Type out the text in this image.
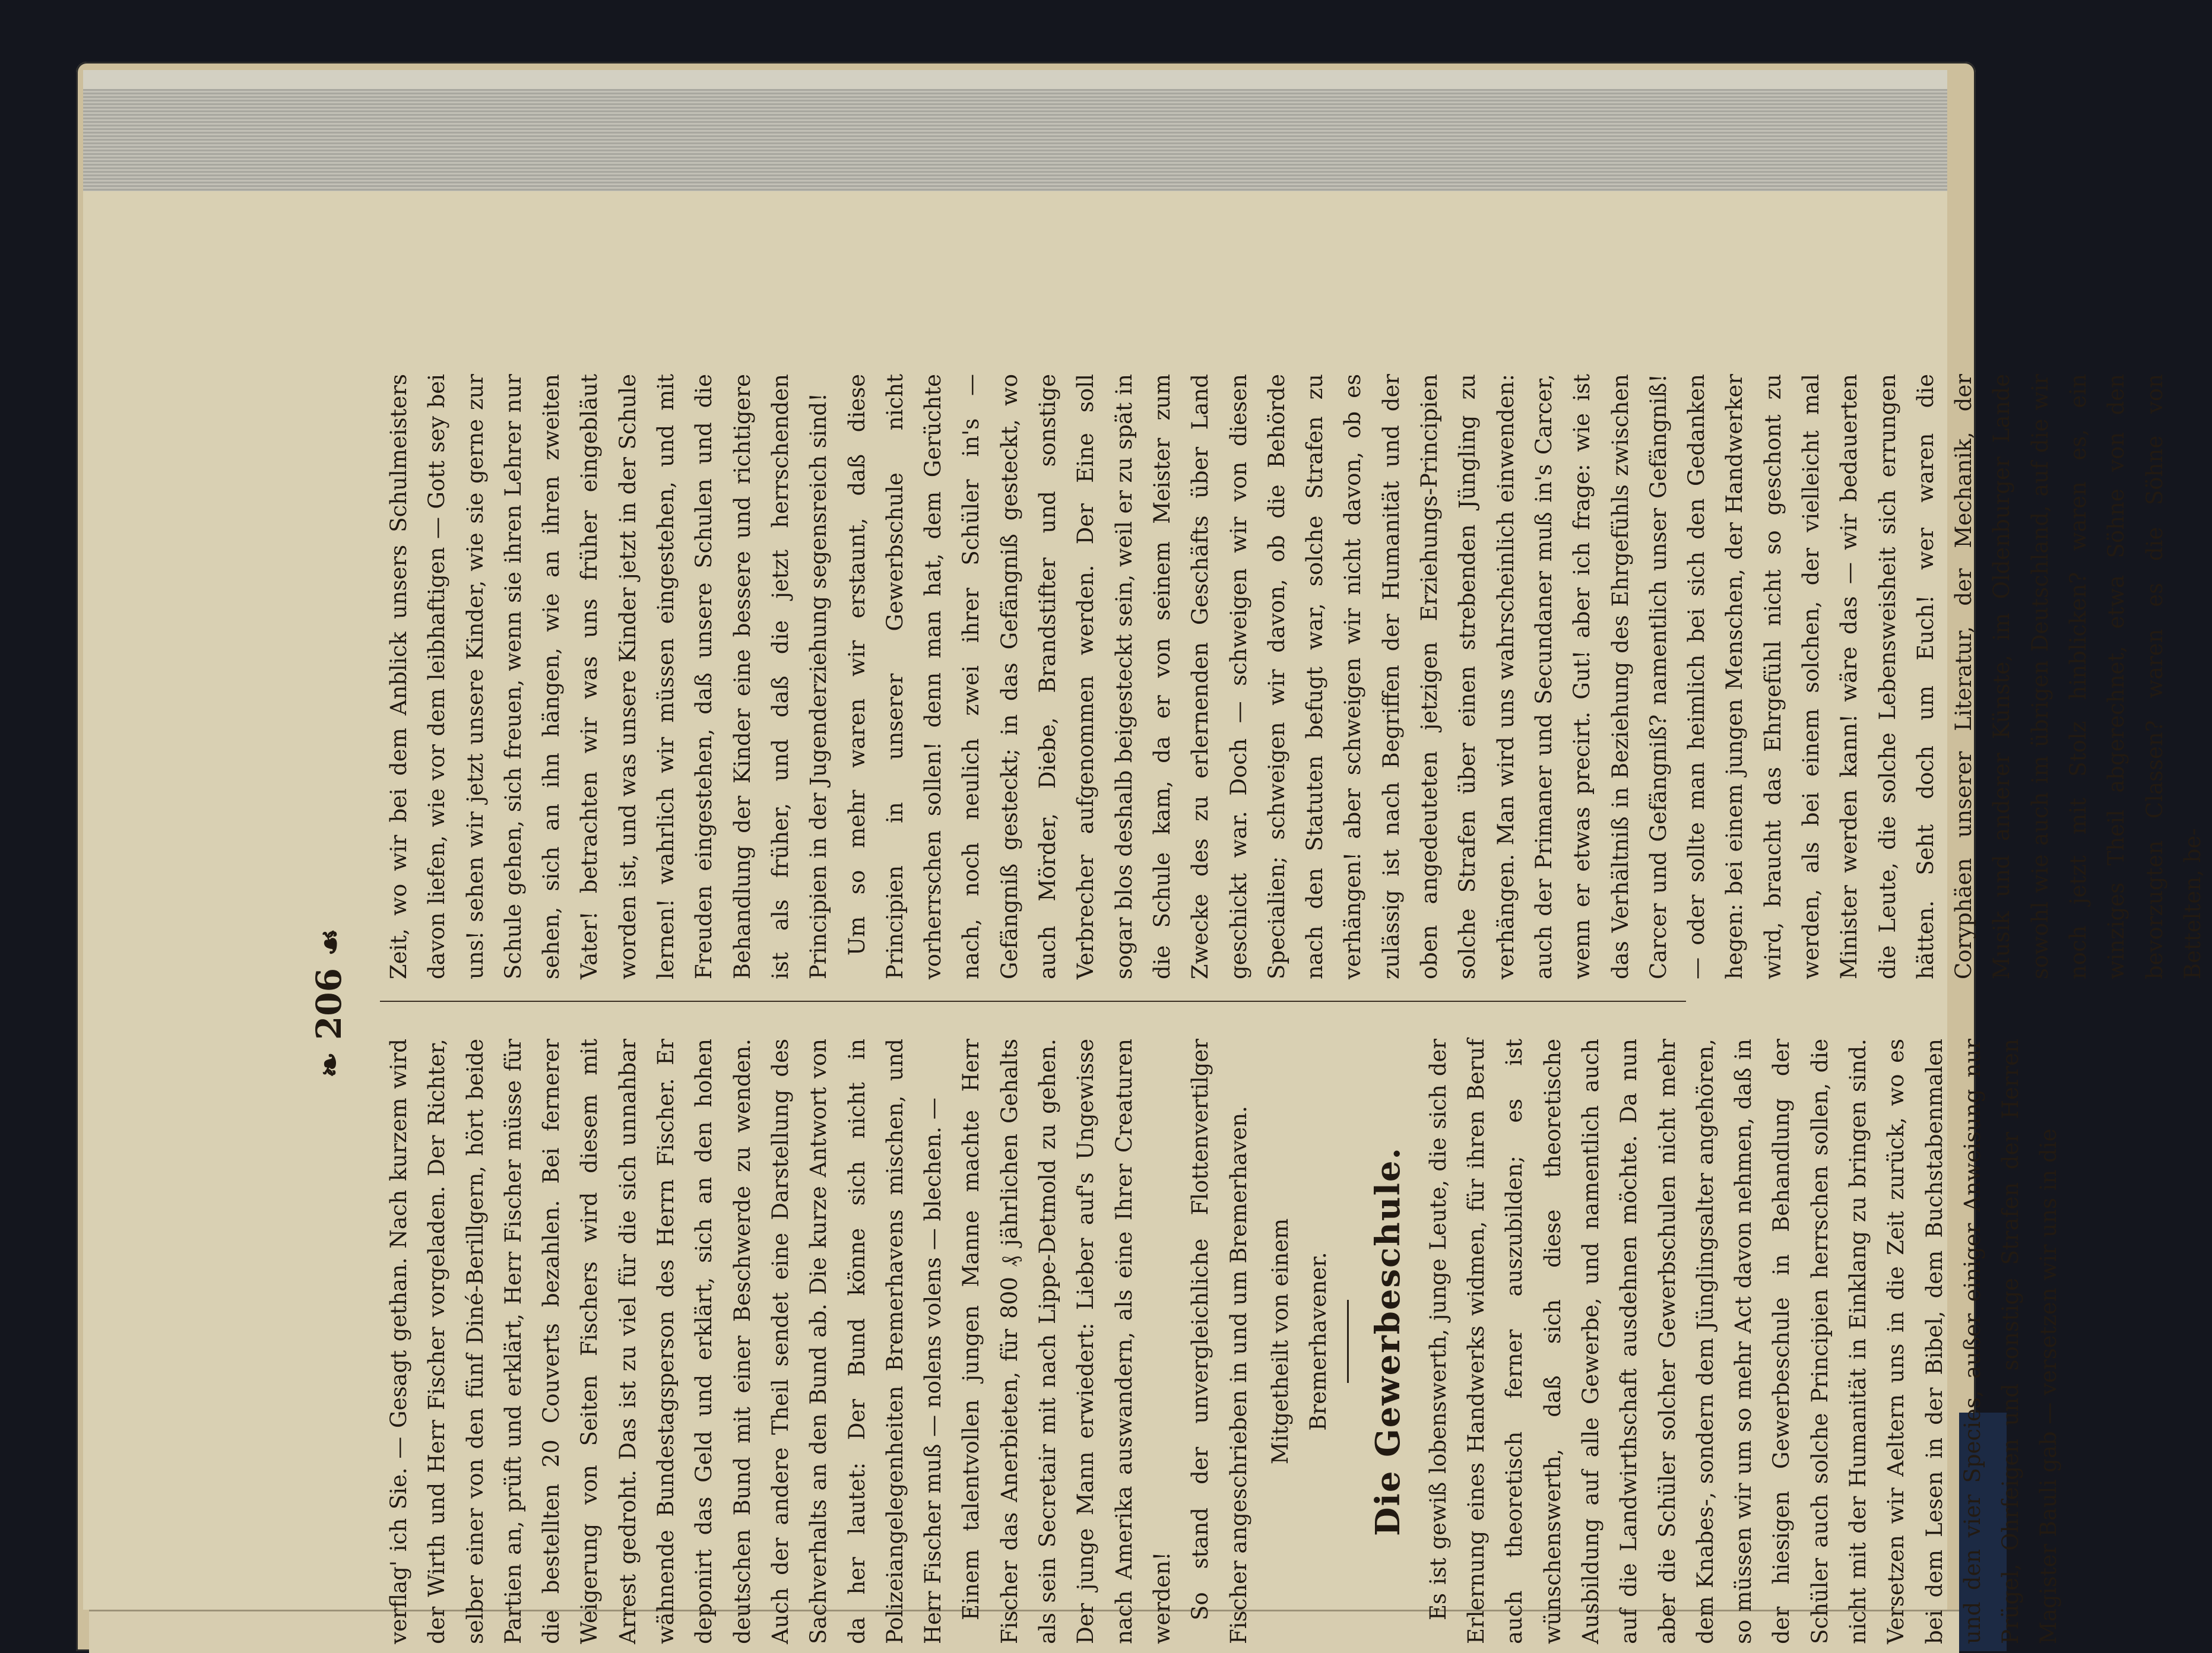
❧ 206 ☙

verflag' ich Sie. — Gesagt gethan. Nach kurzem wird der Wirth und Herr Fischer vorgeladen. Der Richter, selber einer von den fünf Diné-Berillgern, hört beide Partien an, prüft und erklärt, Herr Fischer müsse für die bestellten 20 Couverts bezahlen. Bei fernerer Weigerung von Seiten Fischers wird diesem mit Arrest gedroht. Das ist zu viel für die sich unnahbar wähnende Bundestagsperson des Herrn Fischer. Er deponirt das Geld und erklärt, sich an den hohen deutschen Bund mit einer Beschwerde zu wenden. Auch der andere Theil sendet eine Darstellung des Sachverhalts an den Bund ab. Die kurze Antwort von da her lautet: Der Bund könne sich nicht in Polizeiangelegenheiten Bremerhavens mischen, und Herr Fischer muß — nolens volens — blechen. — Einem talentvollen jungen Manne machte Herr Fischer das Anerbieten, für 800 ₰ jährlichen Gehalts als sein Secretair mit nach Lippe-Detmold zu gehen. Der junge Mann erwiedert: Lieber auf's Ungewisse nach Amerika auswandern, als eine Ihrer Creaturen werden! So stand der unvergleichliche Flottenvertilger Fischer angeschrieben in und um Bremerhaven. Mitgetheilt von einem Bremerhavener. Die Gewerbeschule. Es ist gewiß lobenswerth, junge Leute, die sich der Erlernung eines Handwerks widmen, für ihren Beruf auch theoretisch ferner auszubilden; es ist wünschenswerth, daß sich diese theoretische Ausbildung auf alle Gewerbe, und namentlich auch auf die Landwirthschaft ausdehnen möchte. Da nun aber die Schüler solcher Gewerbschulen nicht mehr dem Knabes-, sondern dem Jünglingsalter angehören, so müssen wir um so mehr Act davon nehmen, daß in der hiesigen Gewerbeschule in Behandlung der Schüler auch solche Principien herrschen sollen, die nicht mit der Humanität in Einklang zu bringen sind. Versetzen wir Aeltern uns in die Zeit zurück, wo es bei dem Lesen in der Bibel, dem Buchstabenmalen und den vier Species, außer einiger Anweisung nur Prügel, Ohrfeigen und sonstige Strafen der Herren Magister Bauli gab — versetzen wir uns in die

Zeit, wo wir bei dem Anblick unsers Schulmeisters davon liefen, wie vor dem leibhaftigen — Gott sey bei uns! sehen wir jetzt unsere Kinder, wie sie gerne zur Schule gehen, sich freuen, wenn sie ihren Lehrer nur sehen, sich an ihn hängen, wie an ihren zweiten Vater! betrachten wir was uns früher eingebläut worden ist, und was unsere Kinder jetzt in der Schule lernen! wahrlich wir müssen eingestehen, und mit Freuden eingestehen, daß unsere Schulen und die Behandlung der Kinder eine bessere und richtigere ist als früher, und daß die jetzt herrschenden Principien in der Jugenderziehung segensreich sind! Um so mehr waren wir erstaunt, daß diese Principien in unserer Gewerbschule nicht vorherrschen sollen! denn man hat, dem Gerüchte nach, noch neulich zwei ihrer Schüler in's — Gefängniß gesteckt; in das Gefängniß gesteckt, wo auch Mörder, Diebe, Brandstifter und sonstige Verbrecher aufgenommen werden. Der Eine soll sogar blos deshalb beigesteckt sein, weil er zu spät in die Schule kam, da er von seinem Meister zum Zwecke des zu erlernenden Geschäfts über Land geschickt war. Doch — schweigen wir von diesen Specialien; schweigen wir davon, ob die Behörde nach den Statuten befugt war, solche Strafen zu verhängen! aber schweigen wir nicht davon, ob es zulässig ist nach Begriffen der Humanität und der oben angedeuteten jetzigen Erziehungs-Principien solche Strafen über einen strebenden Jüngling zu verhängen. Man wird uns wahrscheinlich einwenden: auch der Primaner und Secundaner muß in's Carcer, wenn er etwas precirt. Gut! aber ich frage: wie ist das Verhältniß in Beziehung des Ehrgefühls zwischen Carcer und Gefängniß? namentlich unser Gefängniß! — oder sollte man heimlich bei sich den Gedanken hegen: bei einem jungen Menschen, der Handwerker wird, braucht das Ehrgefühl nicht so geschont zu werden, als bei einem solchen, der vielleicht mal Minister werden kann! wäre das — wir bedauerten die Leute, die solche Lebensweisheit sich errungen hätten. Seht doch um Euch! wer waren die Coryphäen unserer Literatur, der Mechanik, der Musik und anderer Künste, im Oldenburger Lande sowohl wie auch im übrigen Deutschland, auf die wir noch jetzt mit Stolz hinblicken? waren es, ein winziges Theil abgerechnet, etwa Söhne von den bevorzugten Classen? waren es die Söhne von Bettelten, be-
